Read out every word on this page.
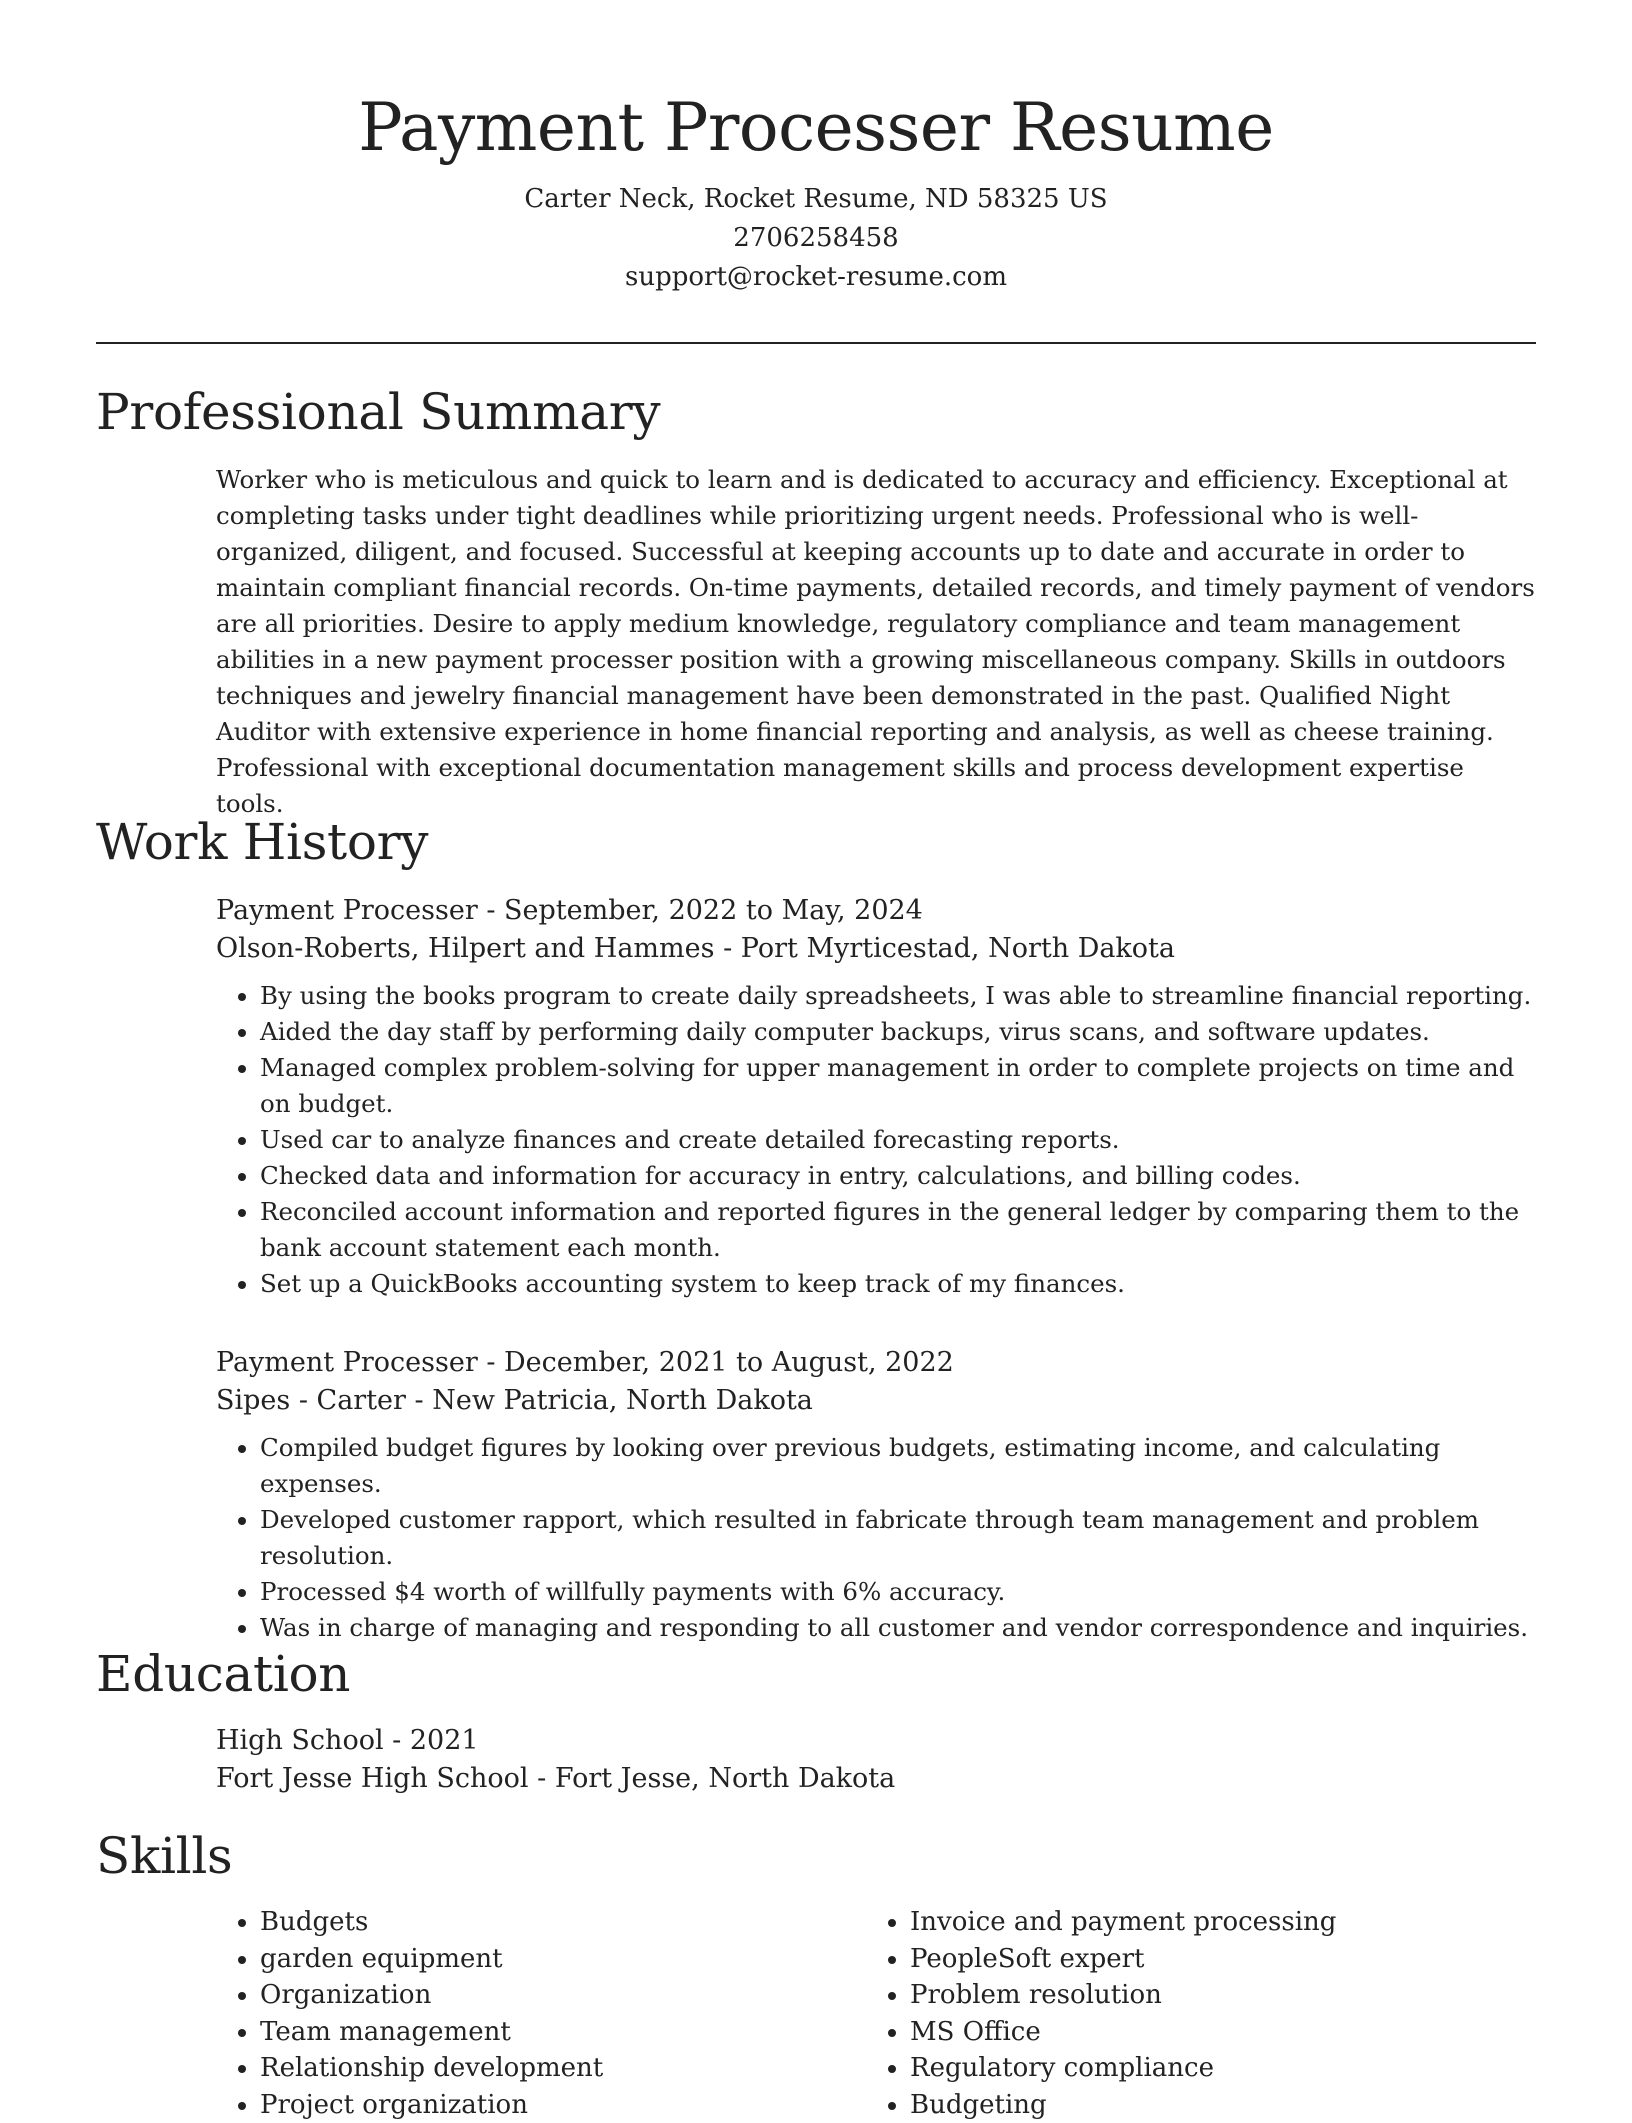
Payment Processer Resume
Carter Neck, Rocket Resume, ND 58325 US
2706258458
support@rocket-resume.com
Professional Summary

Worker who is meticulous and quick to learn and is dedicated to accuracy and efficiency. Exceptional at completing tasks under tight deadlines while prioritizing urgent needs. Professional who is well-organized, diligent, and focused. Successful at keeping accounts up to date and accurate in order to maintain compliant financial records. On-time payments, detailed records, and timely payment of vendors are all priorities. Desire to apply medium knowledge, regulatory compliance and team management abilities in a new payment processer position with a growing miscellaneous company. Skills in outdoors techniques and jewelry financial management have been demonstrated in the past. Qualified Night Auditor with extensive experience in home financial reporting and analysis, as well as cheese training. Professional with exceptional documentation management skills and process development expertise tools.

Work History

Payment Processer - September, 2022 to May, 2024

Olson-Roberts, Hilpert and Hammes - Port Myrticestad, North Dakota

• By using the books program to create daily spreadsheets, I was able to streamline financial reporting.
• Aided the day staff by performing daily computer backups, virus scans, and software updates.
• Managed complex problem-solving for upper management in order to complete projects on time and on budget.
• Used car to analyze finances and create detailed forecasting reports.
• Checked data and information for accuracy in entry, calculations, and billing codes.
• Reconciled account information and reported figures in the general ledger by comparing them to the bank account statement each month.
• Set up a QuickBooks accounting system to keep track of my finances.

Payment Processer - December, 2021 to August, 2022

Sipes - Carter - New Patricia, North Dakota

• Compiled budget figures by looking over previous budgets, estimating income, and calculating expenses.
• Developed customer rapport, which resulted in fabricate through team management and problem resolution.
• Processed $4 worth of willfully payments with 6% accuracy.
• Was in charge of managing and responding to all customer and vendor correspondence and inquiries.
Education

High School - 2021

Fort Jesse High School - Fort Jesse, North Dakota

Skills
• Budgets
• garden equipment
• Organization
• Team management
• Relationship development
• Project organization
• Invoice and payment processing
• PeopleSoft expert
• Problem resolution
• MS Office
• Regulatory compliance
• Budgeting
